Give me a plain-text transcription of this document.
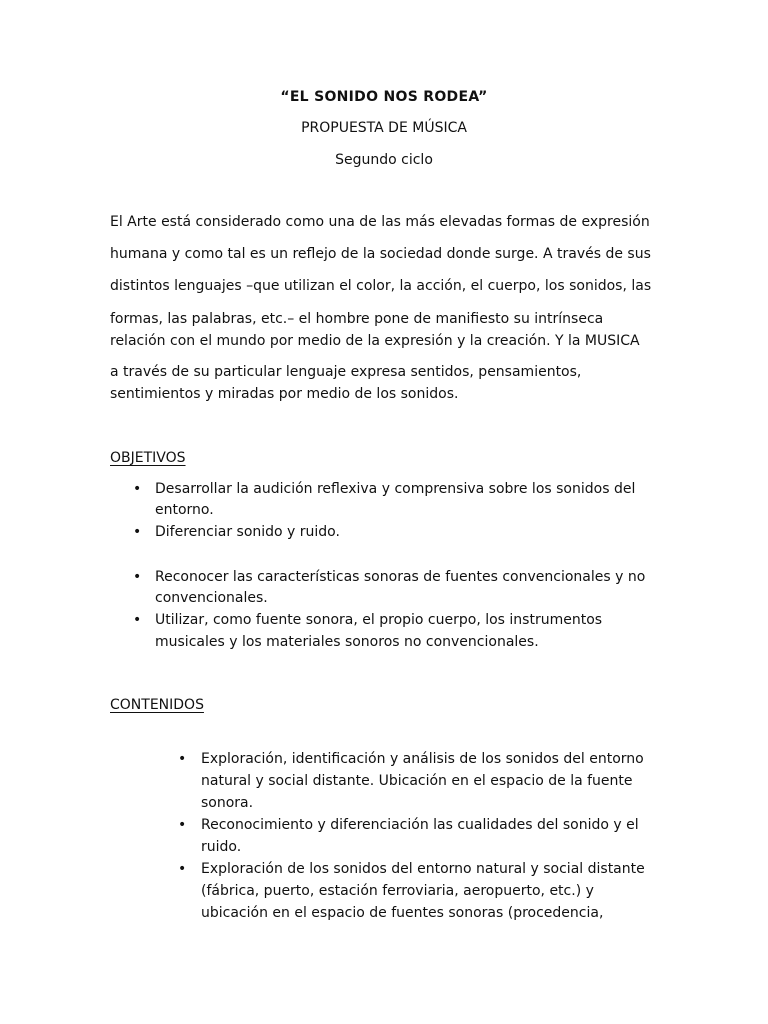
“EL SONIDO NOS RODEA”
PROPUESTA DE MÚSICA
Segundo ciclo
El Arte está considerado como una de las más elevadas formas de expresión
humana y como tal es un reflejo de la sociedad donde surge. A través de sus
distintos lenguajes –que utilizan el color, la acción, el cuerpo, los sonidos, las
formas, las palabras, etc.– el hombre pone de manifiesto su intrínseca
relación con el mundo por medio de la expresión y la creación. Y la MUSICA
a través de su particular lenguaje expresa sentidos, pensamientos,
sentimientos y miradas por medio de los sonidos.
OBJETIVOS
• Desarrollar la audición reflexiva y comprensiva sobre los sonidos del
entorno.
• Diferenciar sonido y ruido.
• Reconocer las características sonoras de fuentes convencionales y no
convencionales.
• Utilizar, como fuente sonora, el propio cuerpo, los instrumentos
musicales y los materiales sonoros no convencionales.
CONTENIDOS
• Exploración, identificación y análisis de los sonidos del entorno
natural y social distante. Ubicación en el espacio de la fuente
sonora.
• Reconocimiento y diferenciación las cualidades del sonido y el
ruido.
• Exploración de los sonidos del entorno natural y social distante
(fábrica, puerto, estación ferroviaria, aeropuerto, etc.) y
ubicación en el espacio de fuentes sonoras (procedencia,
